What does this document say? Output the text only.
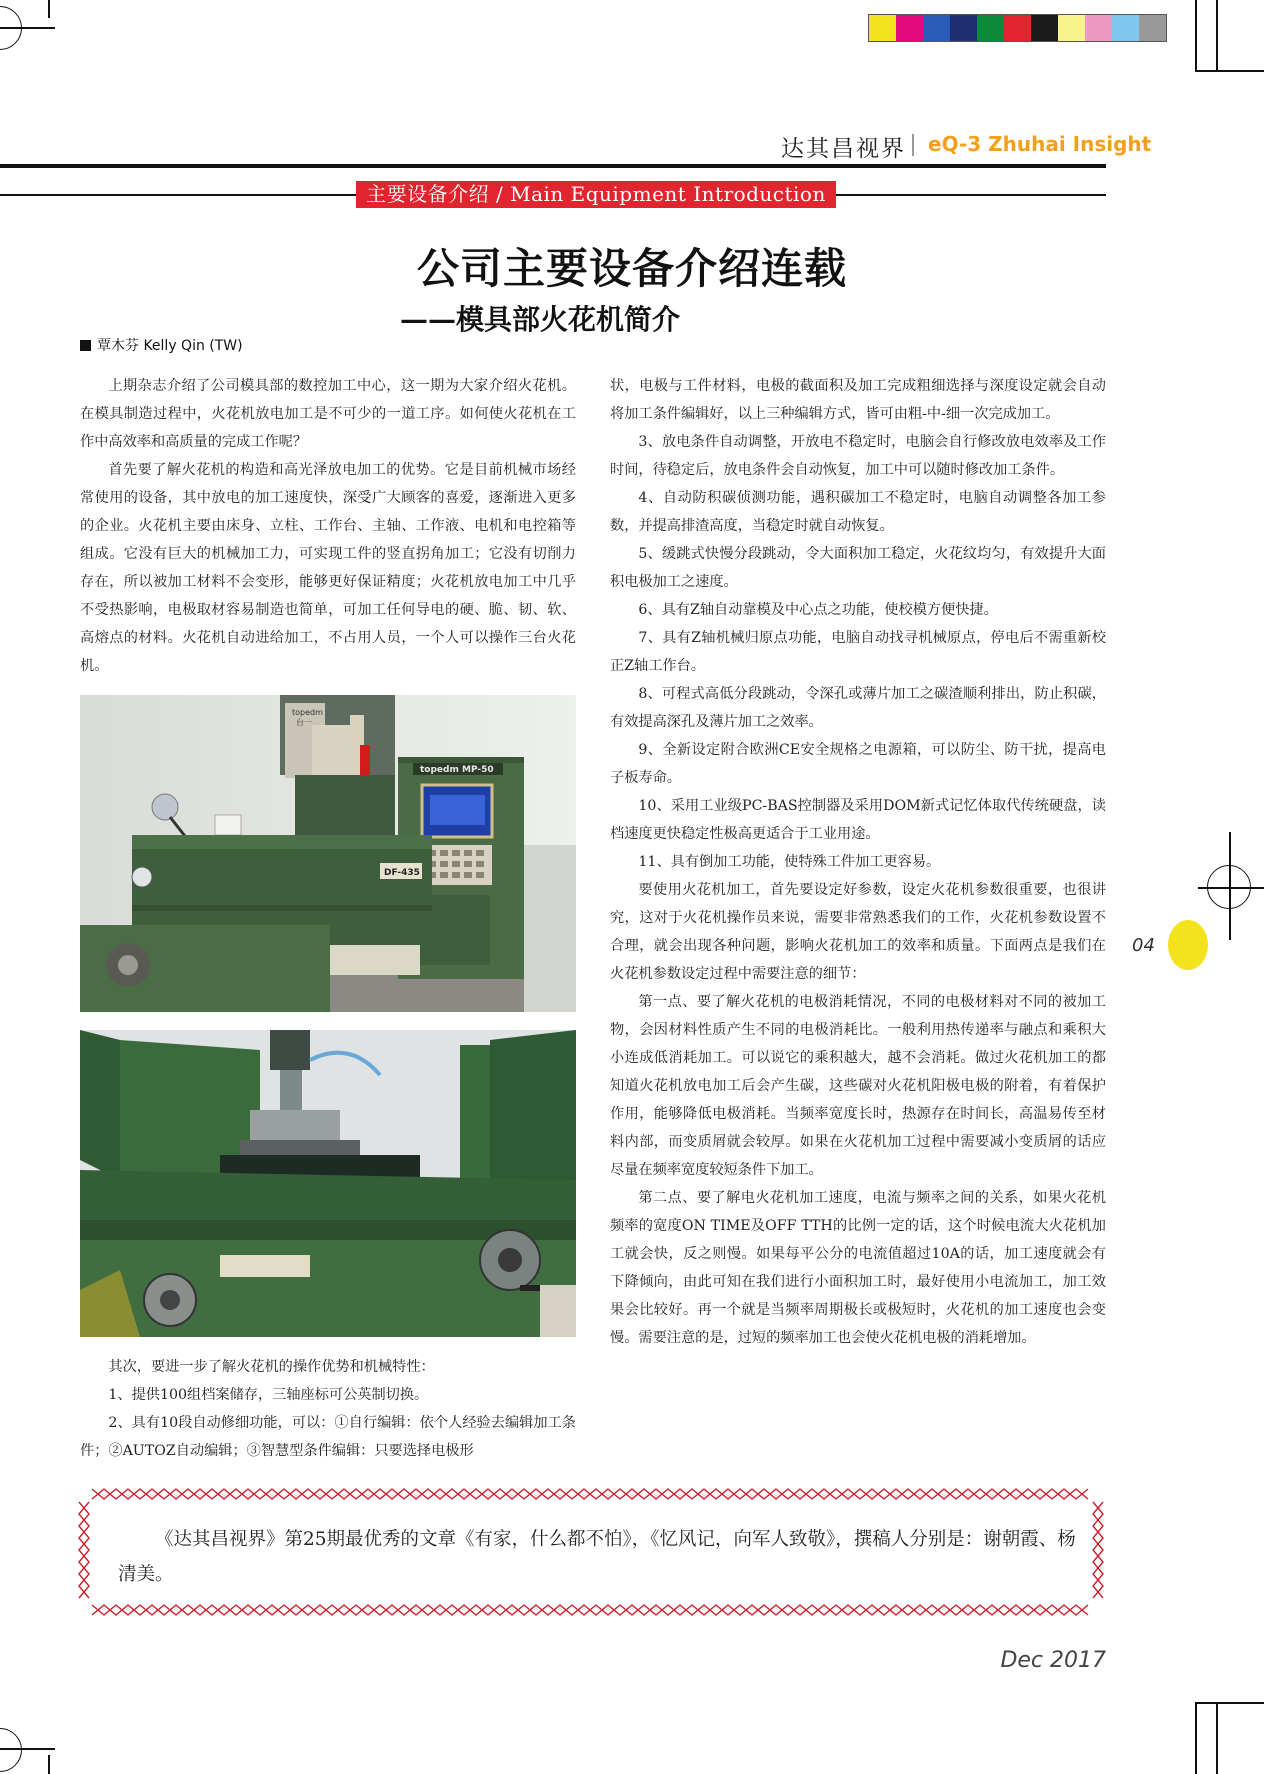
达其昌视界 eQ-3 Zhuhai Insight
主要设备介绍 / Main Equipment Introduction
公司主要设备介绍连载
——模具部火花机简介
覃木芬 Kelly Qin (TW)

上期杂志介绍了公司模具部的数控加工中心，这一期为大家介绍火花机。在模具制造过程中，火花机放电加工是不可少的一道工序。如何使火花机在工作中高效率和高质量的完成工作呢？

首先要了解火花机的构造和高光泽放电加工的优势。它是目前机械市场经常使用的设备，其中放电的加工速度快，深受广大顾客的喜爱，逐渐进入更多的企业。火花机主要由床身、立柱、工作台、主轴、工作液、电机和电控箱等组成。它没有巨大的机械加工力，可实现工件的竖直拐角加工；它没有切削力存在，所以被加工材料不会变形，能够更好保证精度；火花机放电加工中几乎不受热影响，电极取材容易制造也简单，可加工任何导电的硬、脆、韧、软、高熔点的材料。火花机自动进给加工，不占用人员，一个人可以操作三台火花机。

topedm
台一
topedm MP-50
DF-435

其次，要进一步了解火花机的操作优势和机械特性：

1、提供100组档案储存，三轴座标可公英制切换。

2、具有10段自动修细功能，可以：①自行编辑：依个人经验去编辑加工条件；②AUTOZ自动编辑；③智慧型条件编辑：只要选择电极形

状，电极与工件材料，电极的截面积及加工完成粗细选择与深度设定就会自动将加工条件编辑好，以上三种编辑方式，皆可由粗-中-细一次完成加工。

3、放电条件自动调整，开放电不稳定时，电脑会自行修改放电效率及工作时间，待稳定后，放电条件会自动恢复，加工中可以随时修改加工条件。

4、自动防积碳侦测功能，遇积碳加工不稳定时，电脑自动调整各加工参数，并提高排渣高度，当稳定时就自动恢复。

5、缓跳式快慢分段跳动，令大面积加工稳定，火花纹均匀，有效提升大面积电极加工之速度。

6、具有Z轴自动靠模及中心点之功能，使校模方便快捷。

7、具有Z轴机械归原点功能，电脑自动找寻机械原点，停电后不需重新校正Z轴工作台。

8、可程式高低分段跳动，令深孔或薄片加工之碳渣顺利排出，防止积碳，有效提高深孔及薄片加工之效率。

9、全新设定附合欧洲CE安全规格之电源箱，可以防尘、防干扰，提高电子板寿命。

10、采用工业级PC-BAS控制器及采用DOM新式记忆体取代传统硬盘，读档速度更快稳定性极高更适合于工业用途。

11、具有倒加工功能，使特殊工件加工更容易。

要使用火花机加工，首先要设定好参数，设定火花机参数很重要，也很讲究，这对于火花机操作员来说，需要非常熟悉我们的工作，火花机参数设置不合理，就会出现各种问题，影响火花机加工的效率和质量。下面两点是我们在火花机参数设定过程中需要注意的细节：

第一点、要了解火花机的电极消耗情况，不同的电极材料对不同的被加工物，会因材料性质产生不同的电极消耗比。一般利用热传递率与融点和乘积大小连成低消耗加工。可以说它的乘积越大，越不会消耗。做过火花机加工的都知道火花机放电加工后会产生碳，这些碳对火花机阳极电极的附着，有着保护作用，能够降低电极消耗。当频率宽度长时，热源存在时间长，高温易传至材料内部，而变质屑就会较厚。如果在火花机加工过程中需要减小变质屑的话应尽量在频率宽度较短条件下加工。

第二点、要了解电火花机加工速度，电流与频率之间的关系，如果火花机频率的宽度ON TIME及OFF TTH的比例一定的话，这个时候电流大火花机加工就会快，反之则慢。如果每平公分的电流值超过10A的话，加工速度就会有下降倾向，由此可知在我们进行小面积加工时，最好使用小电流加工，加工效果会比较好。再一个就是当频率周期极长或极短时，火花机的加工速度也会变慢。需要注意的是，过短的频率加工也会使火花机电极的消耗增加。

04
《达其昌视界》第25期最优秀的文章《有家，什么都不怕》，《忆风记，向军人致敬》，撰稿人分别是：谢朝霞、杨清美。
Dec 2017
